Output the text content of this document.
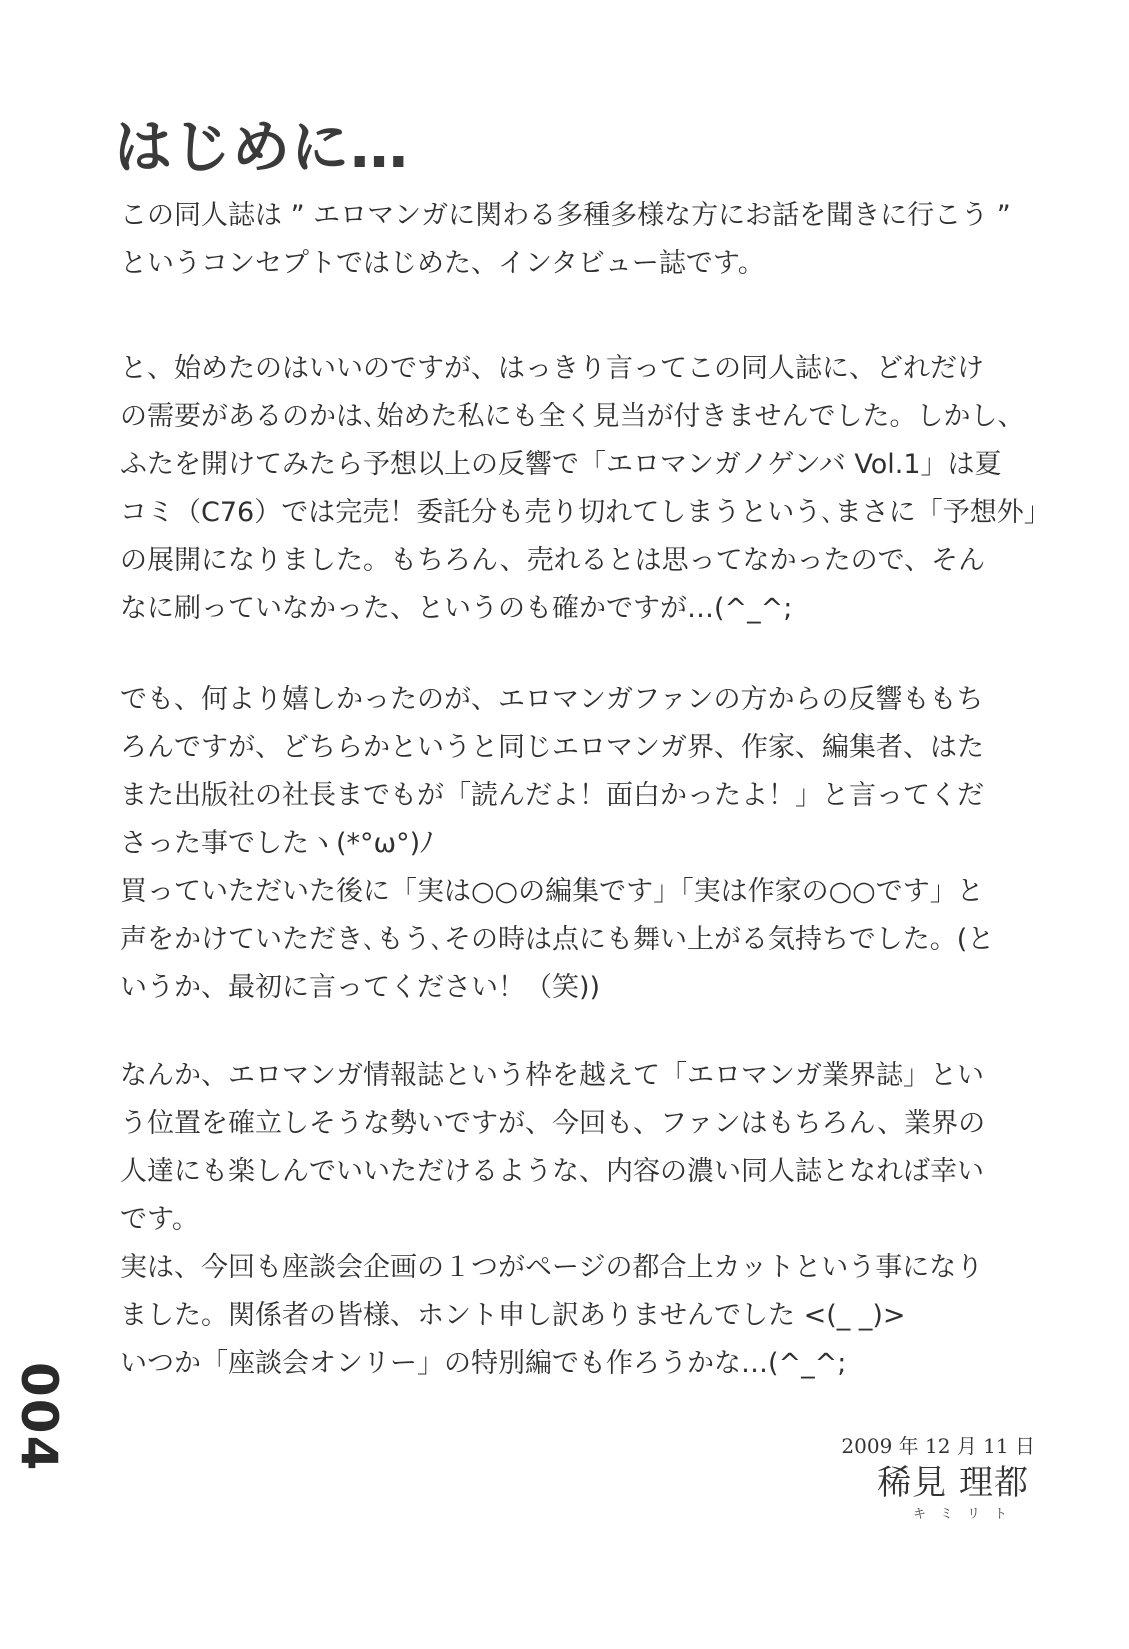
はじめに…
この同人誌は ” エロマンガに関わる多種多様な方にお話を聞きに行こう ”
というコンセプトではじめた、インタビュー誌です。
と、始めたのはいいのですが、はっきり言ってこの同人誌に、どれだけ
の需要があるのかは､始めた私にも全く見当が付きませんでした。しかし、
ふたを開けてみたら予想以上の反響で「エロマンガノゲンバ Vol.1」は夏
コミ（C76）では完売！委託分も売り切れてしまうという､まさに「予想外」
の展開になりました。もちろん、売れるとは思ってなかったので、そん
なに刷っていなかった、というのも確かですが…(^_^;
でも、何より嬉しかったのが、エロマンガファンの方からの反響ももち
ろんですが、どちらかというと同じエロマンガ界、作家、編集者、はた
また出版社の社長までもが「読んだよ！面白かったよ！」と言ってくだ
さった事でしたヽ(*°ω°)ﾉ
買っていただいた後に「実は○○の編集です」「実は作家の○○です」と
声をかけていただき､もう､その時は点にも舞い上がる気持ちでした。(と
いうか、最初に言ってください！（笑))
なんか、エロマンガ情報誌という枠を越えて「エロマンガ業界誌」とい
う位置を確立しそうな勢いですが、今回も、ファンはもちろん、業界の
人達にも楽しんでいいただけるような、内容の濃い同人誌となれば幸い
です。
実は、今回も座談会企画の１つがページの都合上カットという事になり
ました。関係者の皆様、ホント申し訳ありませんでした <(_ _)>
いつか「座談会オンリー」の特別編でも作ろうかな…(^_^;
004	2009 年 12 月 11 日
稀見 理都
キミリト
